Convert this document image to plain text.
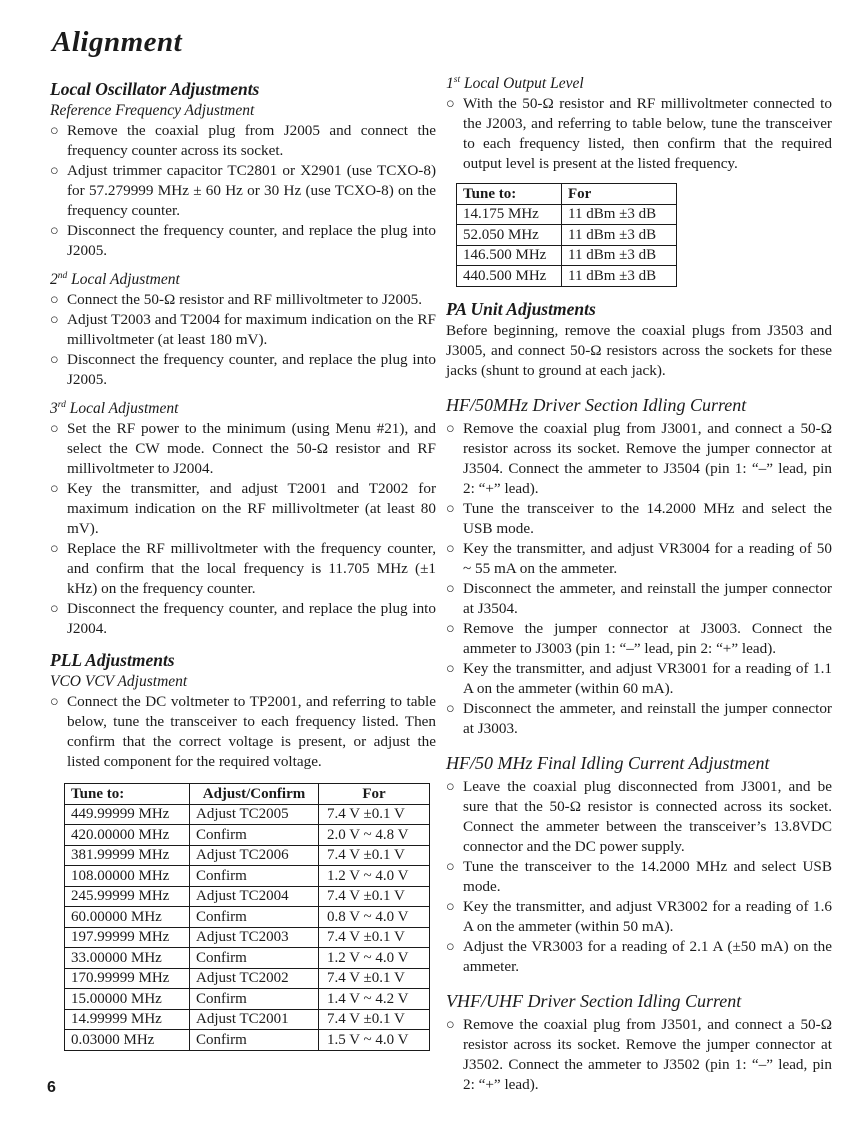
Alignment
Local Oscillator Adjustments
Reference Frequency Adjustment
○ Remove the coaxial plug from J2005 and connect the frequency counter across its socket.
○ Adjust trimmer capacitor TC2801 or X2901 (use TCXO-8) for 57.279999 MHz ± 60 Hz or 30 Hz (use TCXO-8) on the frequency counter.
○ Disconnect the frequency counter, and replace the plug into J2005.
2nd Local Adjustment
○ Connect the 50-Ω resistor and RF millivoltmeter to J2005.
○ Adjust T2003 and T2004 for maximum indication on the RF millivoltmeter (at least 180 mV).
○ Disconnect the frequency counter, and replace the plug into J2005.
3rd Local Adjustment
○ Set the RF power to the minimum (using Menu #21), and select the CW mode. Connect the 50-Ω resistor and RF millivoltmeter to J2004.
○ Key the transmitter, and adjust T2001 and T2002 for maximum indication on the RF millivoltmeter (at least 80 mV).
○ Replace the RF millivoltmeter with the frequency counter, and confirm that the local frequency is 11.705 MHz (±1 kHz) on the frequency counter.
○ Disconnect the frequency counter, and replace the plug into J2004.
PLL Adjustments
VCO VCV Adjustment
○ Connect the DC voltmeter to TP2001, and referring to table below, tune the transceiver to each frequency listed. Then confirm that the correct voltage is present, or adjust the listed component for the required voltage.
Tune to:	Adjust/Confirm	For
449.99999 MHz	Adjust TC2005	7.4 V ±0.1 V
420.00000 MHz	Confirm	2.0 V ~ 4.8 V
381.99999 MHz	Adjust TC2006	7.4 V ±0.1 V
108.00000 MHz	Confirm	1.2 V ~ 4.0 V
245.99999 MHz	Adjust TC2004	7.4 V ±0.1 V
60.00000 MHz	Confirm	0.8 V ~ 4.0 V
197.99999 MHz	Adjust TC2003	7.4 V ±0.1 V
33.00000 MHz	Confirm	1.2 V ~ 4.0 V
170.99999 MHz	Adjust TC2002	7.4 V ±0.1 V
15.00000 MHz	Confirm	1.4 V ~ 4.2 V
14.99999 MHz	Adjust TC2001	7.4 V ±0.1 V
0.03000 MHz	Confirm	1.5 V ~ 4.0 V
1st Local Output Level
○ With the 50-Ω resistor and RF millivoltmeter connected to the J2003, and referring to table below, tune the transceiver to each frequency listed, then confirm that the required output level is present at the listed frequency.
Tune to:	For
14.175 MHz	11 dBm ±3 dB
52.050 MHz	11 dBm ±3 dB
146.500 MHz	11 dBm ±3 dB
440.500 MHz	11 dBm ±3 dB
PA Unit Adjustments
Before beginning, remove the coaxial plugs from J3503 and J3005, and connect 50-Ω resistors across the sockets for these jacks (shunt to ground at each jack).
HF/50MHz Driver Section Idling Current
○ Remove the coaxial plug from J3001, and connect a 50-Ω resistor across its socket. Remove the jumper connector at J3504. Connect the ammeter to J3504 (pin 1: “–” lead, pin 2: “+” lead).
○ Tune the transceiver to the 14.2000 MHz and select the USB mode.
○ Key the transmitter, and adjust VR3004 for a reading of 50 ~ 55 mA on the ammeter.
○ Disconnect the ammeter, and reinstall the jumper connector at J3504.
○ Remove the jumper connector at J3003. Connect the ammeter to J3003 (pin 1: “–” lead, pin 2: “+” lead).
○ Key the transmitter, and adjust VR3001 for a reading of 1.1 A on the ammeter (within 60 mA).
○ Disconnect the ammeter, and reinstall the jumper connector at J3003.
HF/50 MHz Final Idling Current Adjustment
○ Leave the coaxial plug disconnected from J3001, and be sure that the 50-Ω resistor is connected across its socket. Connect the ammeter between the transceiver’s 13.8VDC connector and the DC power supply.
○ Tune the transceiver to the 14.2000 MHz and select USB mode.
○ Key the transmitter, and adjust VR3002 for a reading of 1.6 A on the ammeter (within 50 mA).
○ Adjust the VR3003 for a reading of 2.1 A (±50 mA) on the ammeter.
VHF/UHF Driver Section Idling Current
○ Remove the coaxial plug from J3501, and connect a 50-Ω resistor across its socket. Remove the jumper connector at J3502. Connect the ammeter to J3502 (pin 1: “–” lead, pin 2: “+” lead).
6
